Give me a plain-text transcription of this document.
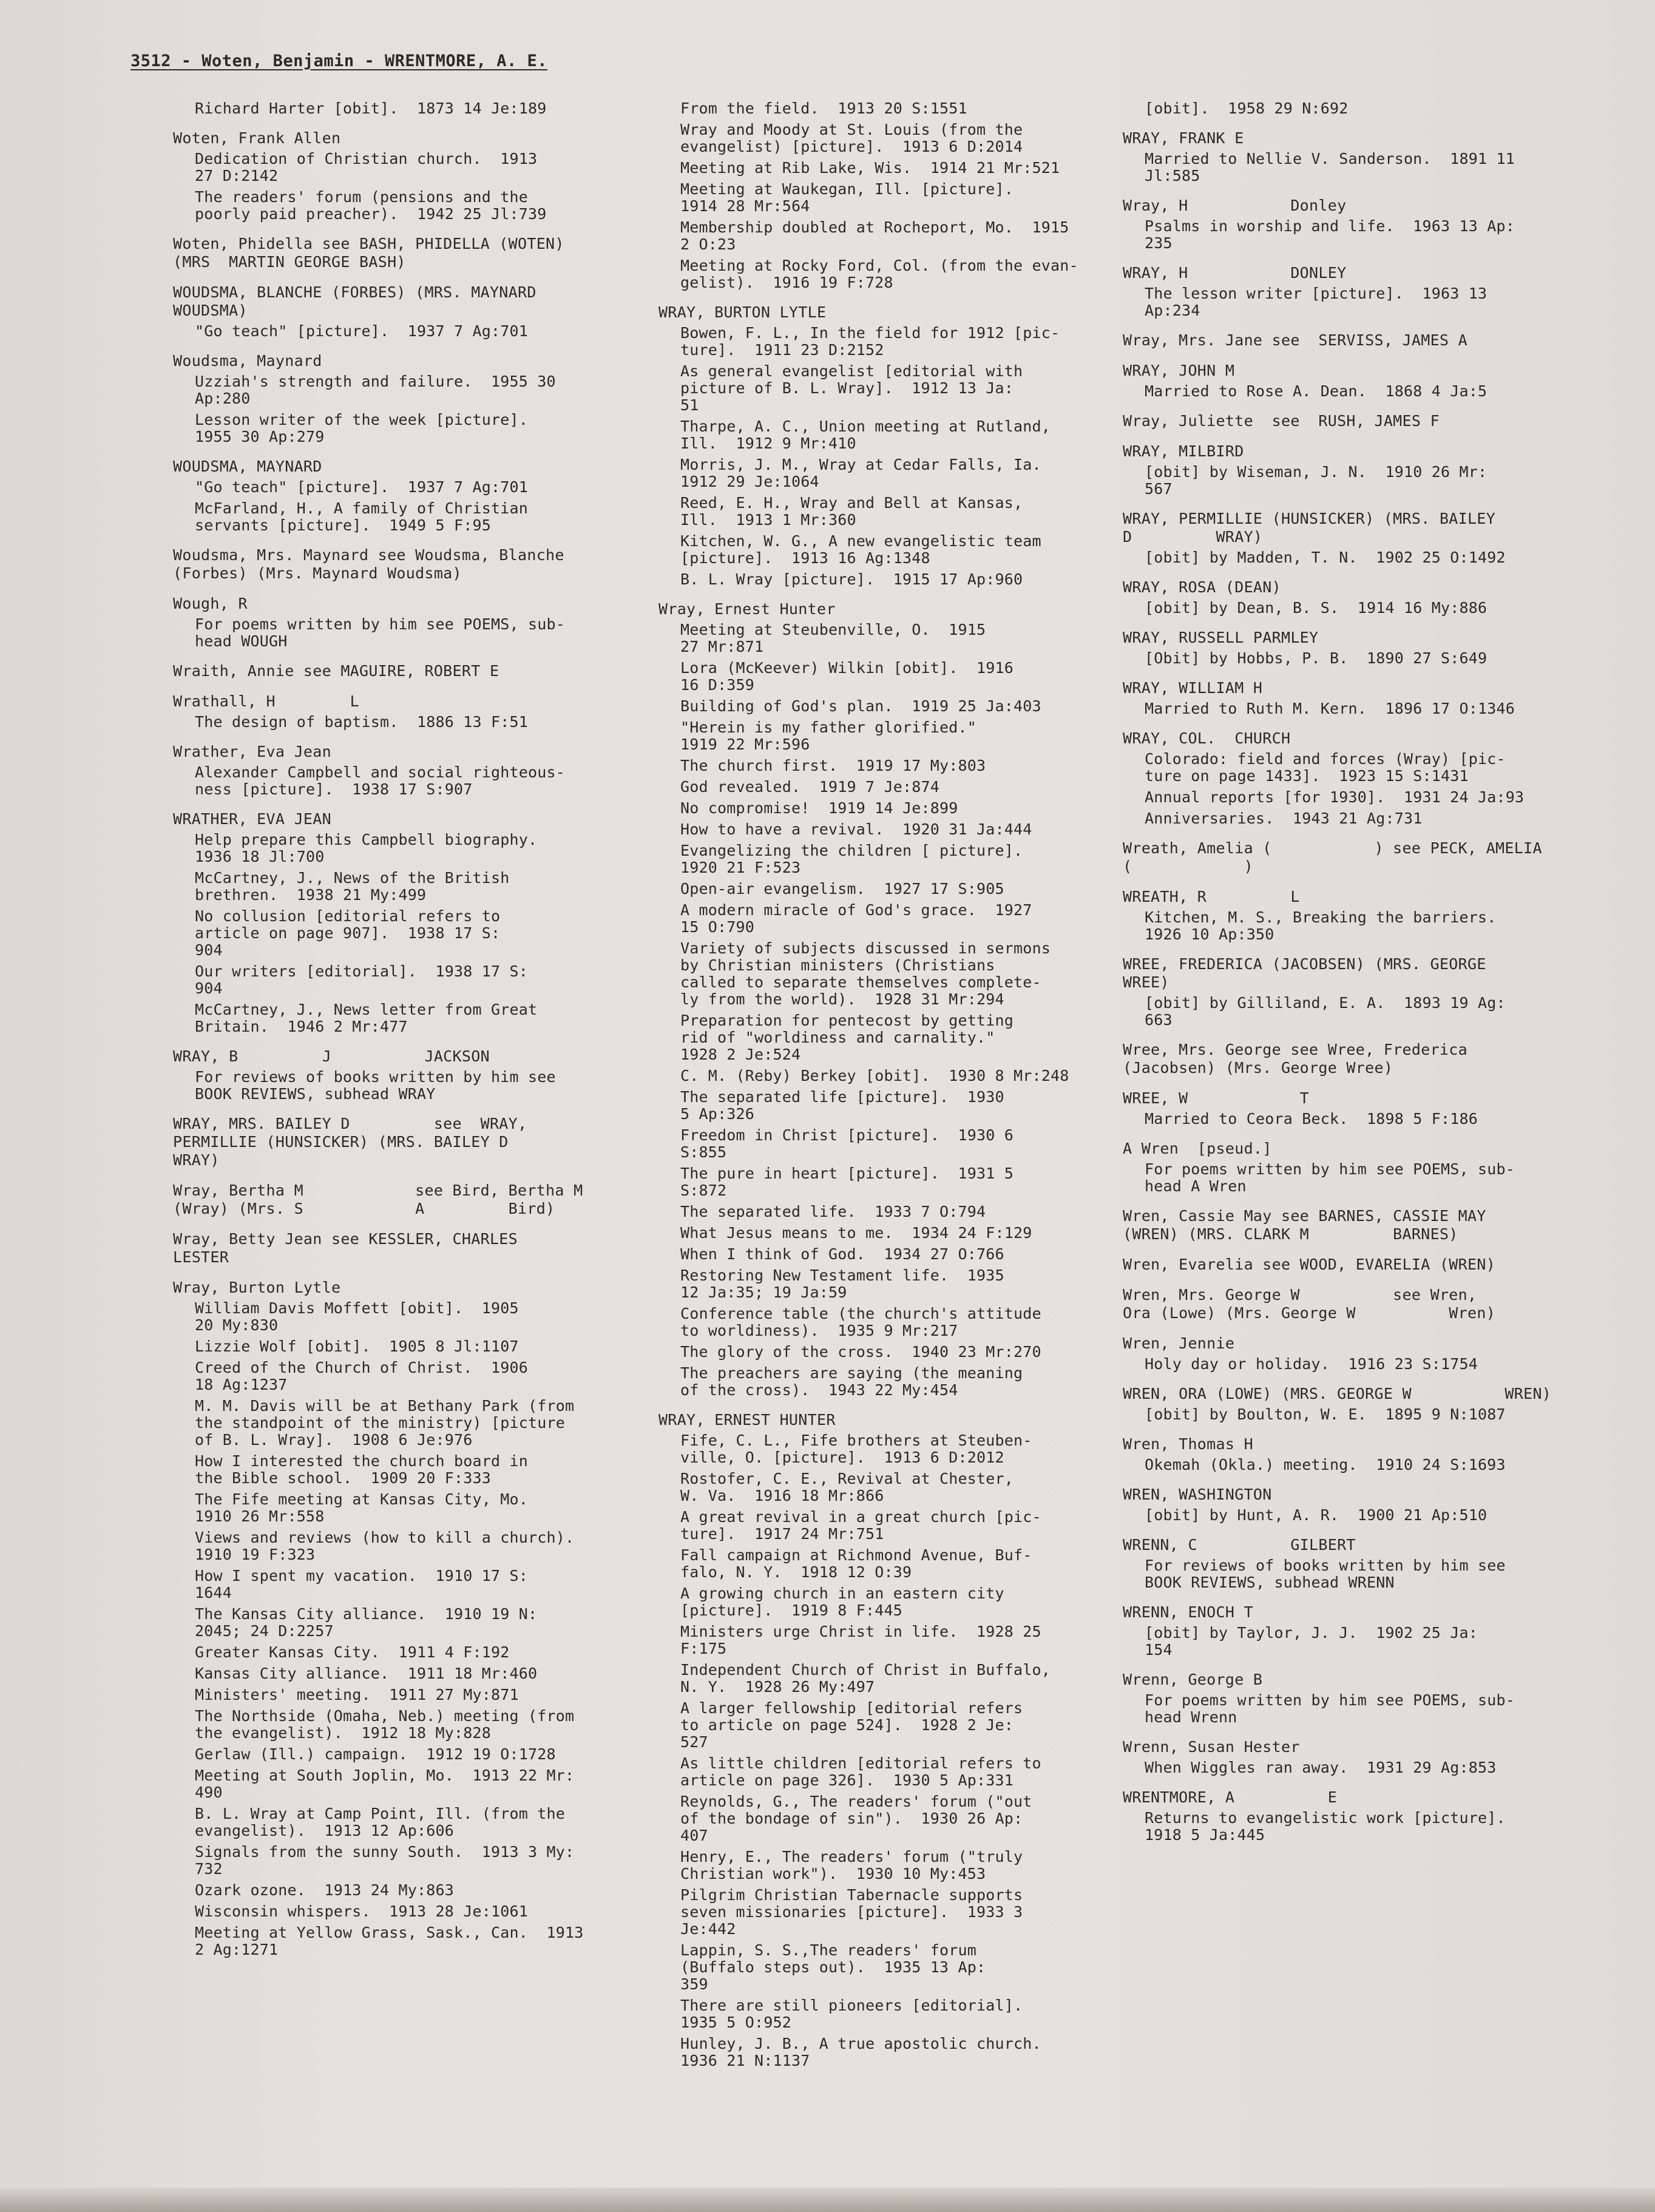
3512 - Woten, Benjamin - WRENTMORE, A. E.
Richard Harter [obit].  1873 14 Je:189
Woten, Frank Allen
Dedication of Christian church.  1913
27 D:2142
The readers' forum (pensions and the
poorly paid preacher).  1942 25 Jl:739
Woten, Phidella see BASH, PHIDELLA (WOTEN)
(MRS  MARTIN GEORGE BASH)
WOUDSMA, BLANCHE (FORBES) (MRS. MAYNARD
WOUDSMA)
"Go teach" [picture].  1937 7 Ag:701
Woudsma, Maynard
Uzziah's strength and failure.  1955 30
Ap:280
Lesson writer of the week [picture].
1955 30 Ap:279
WOUDSMA, MAYNARD
"Go teach" [picture].  1937 7 Ag:701
McFarland, H., A family of Christian
servants [picture].  1949 5 F:95
Woudsma, Mrs. Maynard see Woudsma, Blanche
(Forbes) (Mrs. Maynard Woudsma)
Wough, R
For poems written by him see POEMS, sub-
head WOUGH
Wraith, Annie see MAGUIRE, ROBERT E
Wrathall, H        L
The design of baptism.  1886 13 F:51
Wrather, Eva Jean
Alexander Campbell and social righteous-
ness [picture].  1938 17 S:907
WRATHER, EVA JEAN
Help prepare this Campbell biography.
1936 18 Jl:700
McCartney, J., News of the British
brethren.  1938 21 My:499
No collusion [editorial refers to
article on page 907].  1938 17 S:
904
Our writers [editorial].  1938 17 S:
904
McCartney, J., News letter from Great
Britain.  1946 2 Mr:477
WRAY, B         J          JACKSON
For reviews of books written by him see
BOOK REVIEWS, subhead WRAY
WRAY, MRS. BAILEY D         see  WRAY,
PERMILLIE (HUNSICKER) (MRS. BAILEY D
WRAY)
Wray, Bertha M            see Bird, Bertha M
(Wray) (Mrs. S            A         Bird)
Wray, Betty Jean see KESSLER, CHARLES
LESTER
Wray, Burton Lytle
William Davis Moffett [obit].  1905
20 My:830
Lizzie Wolf [obit].  1905 8 Jl:1107
Creed of the Church of Christ.  1906
18 Ag:1237
M. M. Davis will be at Bethany Park (from
the standpoint of the ministry) [picture
of B. L. Wray].  1908 6 Je:976
How I interested the church board in
the Bible school.  1909 20 F:333
The Fife meeting at Kansas City, Mo.
1910 26 Mr:558
Views and reviews (how to kill a church).
1910 19 F:323
How I spent my vacation.  1910 17 S:
1644
The Kansas City alliance.  1910 19 N:
2045; 24 D:2257
Greater Kansas City.  1911 4 F:192
Kansas City alliance.  1911 18 Mr:460
Ministers' meeting.  1911 27 My:871
The Northside (Omaha, Neb.) meeting (from
the evangelist).  1912 18 My:828
Gerlaw (Ill.) campaign.  1912 19 O:1728
Meeting at South Joplin, Mo.  1913 22 Mr:
490
B. L. Wray at Camp Point, Ill. (from the
evangelist).  1913 12 Ap:606
Signals from the sunny South.  1913 3 My:
732
Ozark ozone.  1913 24 My:863
Wisconsin whispers.  1913 28 Je:1061
Meeting at Yellow Grass, Sask., Can.  1913
2 Ag:1271
From the field.  1913 20 S:1551
Wray and Moody at St. Louis (from the
evangelist) [picture].  1913 6 D:2014
Meeting at Rib Lake, Wis.  1914 21 Mr:521
Meeting at Waukegan, Ill. [picture].
1914 28 Mr:564
Membership doubled at Rocheport, Mo.  1915
2 O:23
Meeting at Rocky Ford, Col. (from the evan-
gelist).  1916 19 F:728
WRAY, BURTON LYTLE
Bowen, F. L., In the field for 1912 [pic-
ture].  1911 23 D:2152
As general evangelist [editorial with
picture of B. L. Wray].  1912 13 Ja:
51
Tharpe, A. C., Union meeting at Rutland,
Ill.  1912 9 Mr:410
Morris, J. M., Wray at Cedar Falls, Ia.
1912 29 Je:1064
Reed, E. H., Wray and Bell at Kansas,
Ill.  1913 1 Mr:360
Kitchen, W. G., A new evangelistic team
[picture].  1913 16 Ag:1348
B. L. Wray [picture].  1915 17 Ap:960
Wray, Ernest Hunter
Meeting at Steubenville, O.  1915
27 Mr:871
Lora (McKeever) Wilkin [obit].  1916
16 D:359
Building of God's plan.  1919 25 Ja:403
"Herein is my father glorified."
1919 22 Mr:596
The church first.  1919 17 My:803
God revealed.  1919 7 Je:874
No compromise!  1919 14 Je:899
How to have a revival.  1920 31 Ja:444
Evangelizing the children [ picture].
1920 21 F:523
Open-air evangelism.  1927 17 S:905
A modern miracle of God's grace.  1927
15 O:790
Variety of subjects discussed in sermons
by Christian ministers (Christians
called to separate themselves complete-
ly from the world).  1928 31 Mr:294
Preparation for pentecost by getting
rid of "worldiness and carnality."
1928 2 Je:524
C. M. (Reby) Berkey [obit].  1930 8 Mr:248
The separated life [picture].  1930
5 Ap:326
Freedom in Christ [picture].  1930 6
S:855
The pure in heart [picture].  1931 5
S:872
The separated life.  1933 7 O:794
What Jesus means to me.  1934 24 F:129
When I think of God.  1934 27 O:766
Restoring New Testament life.  1935
12 Ja:35; 19 Ja:59
Conference table (the church's attitude
to worldiness).  1935 9 Mr:217
The glory of the cross.  1940 23 Mr:270
The preachers are saying (the meaning
of the cross).  1943 22 My:454
WRAY, ERNEST HUNTER
Fife, C. L., Fife brothers at Steuben-
ville, O. [picture].  1913 6 D:2012
Rostofer, C. E., Revival at Chester,
W. Va.  1916 18 Mr:866
A great revival in a great church [pic-
ture].  1917 24 Mr:751
Fall campaign at Richmond Avenue, Buf-
falo, N. Y.  1918 12 O:39
A growing church in an eastern city
[picture].  1919 8 F:445
Ministers urge Christ in life.  1928 25
F:175
Independent Church of Christ in Buffalo,
N. Y.  1928 26 My:497
A larger fellowship [editorial refers
to article on page 524].  1928 2 Je:
527
As little children [editorial refers to
article on page 326].  1930 5 Ap:331
Reynolds, G., The readers' forum ("out
of the bondage of sin").  1930 26 Ap:
407
Henry, E., The readers' forum ("truly
Christian work").  1930 10 My:453
Pilgrim Christian Tabernacle supports
seven missionaries [picture].  1933 3
Je:442
Lappin, S. S.,The readers' forum
(Buffalo steps out).  1935 13 Ap:
359
There are still pioneers [editorial].
1935 5 O:952
Hunley, J. B., A true apostolic church.
1936 21 N:1137
[obit].  1958 29 N:692
WRAY, FRANK E
Married to Nellie V. Sanderson.  1891 11
Jl:585
Wray, H           Donley
Psalms in worship and life.  1963 13 Ap:
235
WRAY, H           DONLEY
The lesson writer [picture].  1963 13
Ap:234
Wray, Mrs. Jane see  SERVISS, JAMES A
WRAY, JOHN M
Married to Rose A. Dean.  1868 4 Ja:5
Wray, Juliette  see  RUSH, JAMES F
WRAY, MILBIRD
[obit] by Wiseman, J. N.  1910 26 Mr:
567
WRAY, PERMILLIE (HUNSICKER) (MRS. BAILEY
D         WRAY)
[obit] by Madden, T. N.  1902 25 O:1492
WRAY, ROSA (DEAN)
[obit] by Dean, B. S.  1914 16 My:886
WRAY, RUSSELL PARMLEY
[Obit] by Hobbs, P. B.  1890 27 S:649
WRAY, WILLIAM H
Married to Ruth M. Kern.  1896 17 O:1346
WRAY, COL.  CHURCH
Colorado: field and forces (Wray) [pic-
ture on page 1433].  1923 15 S:1431
Annual reports [for 1930].  1931 24 Ja:93
Anniversaries.  1943 21 Ag:731
Wreath, Amelia (           ) see PECK, AMELIA
(            )
WREATH, R         L
Kitchen, M. S., Breaking the barriers.
1926 10 Ap:350
WREE, FREDERICA (JACOBSEN) (MRS. GEORGE
WREE)
[obit] by Gilliland, E. A.  1893 19 Ag:
663
Wree, Mrs. George see Wree, Frederica
(Jacobsen) (Mrs. George Wree)
WREE, W            T
Married to Ceora Beck.  1898 5 F:186
A Wren  [pseud.]
For poems written by him see POEMS, sub-
head A Wren
Wren, Cassie May see BARNES, CASSIE MAY
(WREN) (MRS. CLARK M         BARNES)
Wren, Evarelia see WOOD, EVARELIA (WREN)
Wren, Mrs. George W          see Wren,
Ora (Lowe) (Mrs. George W          Wren)
Wren, Jennie
Holy day or holiday.  1916 23 S:1754
WREN, ORA (LOWE) (MRS. GEORGE W          WREN)
[obit] by Boulton, W. E.  1895 9 N:1087
Wren, Thomas H
Okemah (Okla.) meeting.  1910 24 S:1693
WREN, WASHINGTON
[obit] by Hunt, A. R.  1900 21 Ap:510
WRENN, C          GILBERT
For reviews of books written by him see
BOOK REVIEWS, subhead WRENN
WRENN, ENOCH T
[obit] by Taylor, J. J.  1902 25 Ja:
154
Wrenn, George B
For poems written by him see POEMS, sub-
head Wrenn
Wrenn, Susan Hester
When Wiggles ran away.  1931 29 Ag:853
WRENTMORE, A          E
Returns to evangelistic work [picture].
1918 5 Ja:445
